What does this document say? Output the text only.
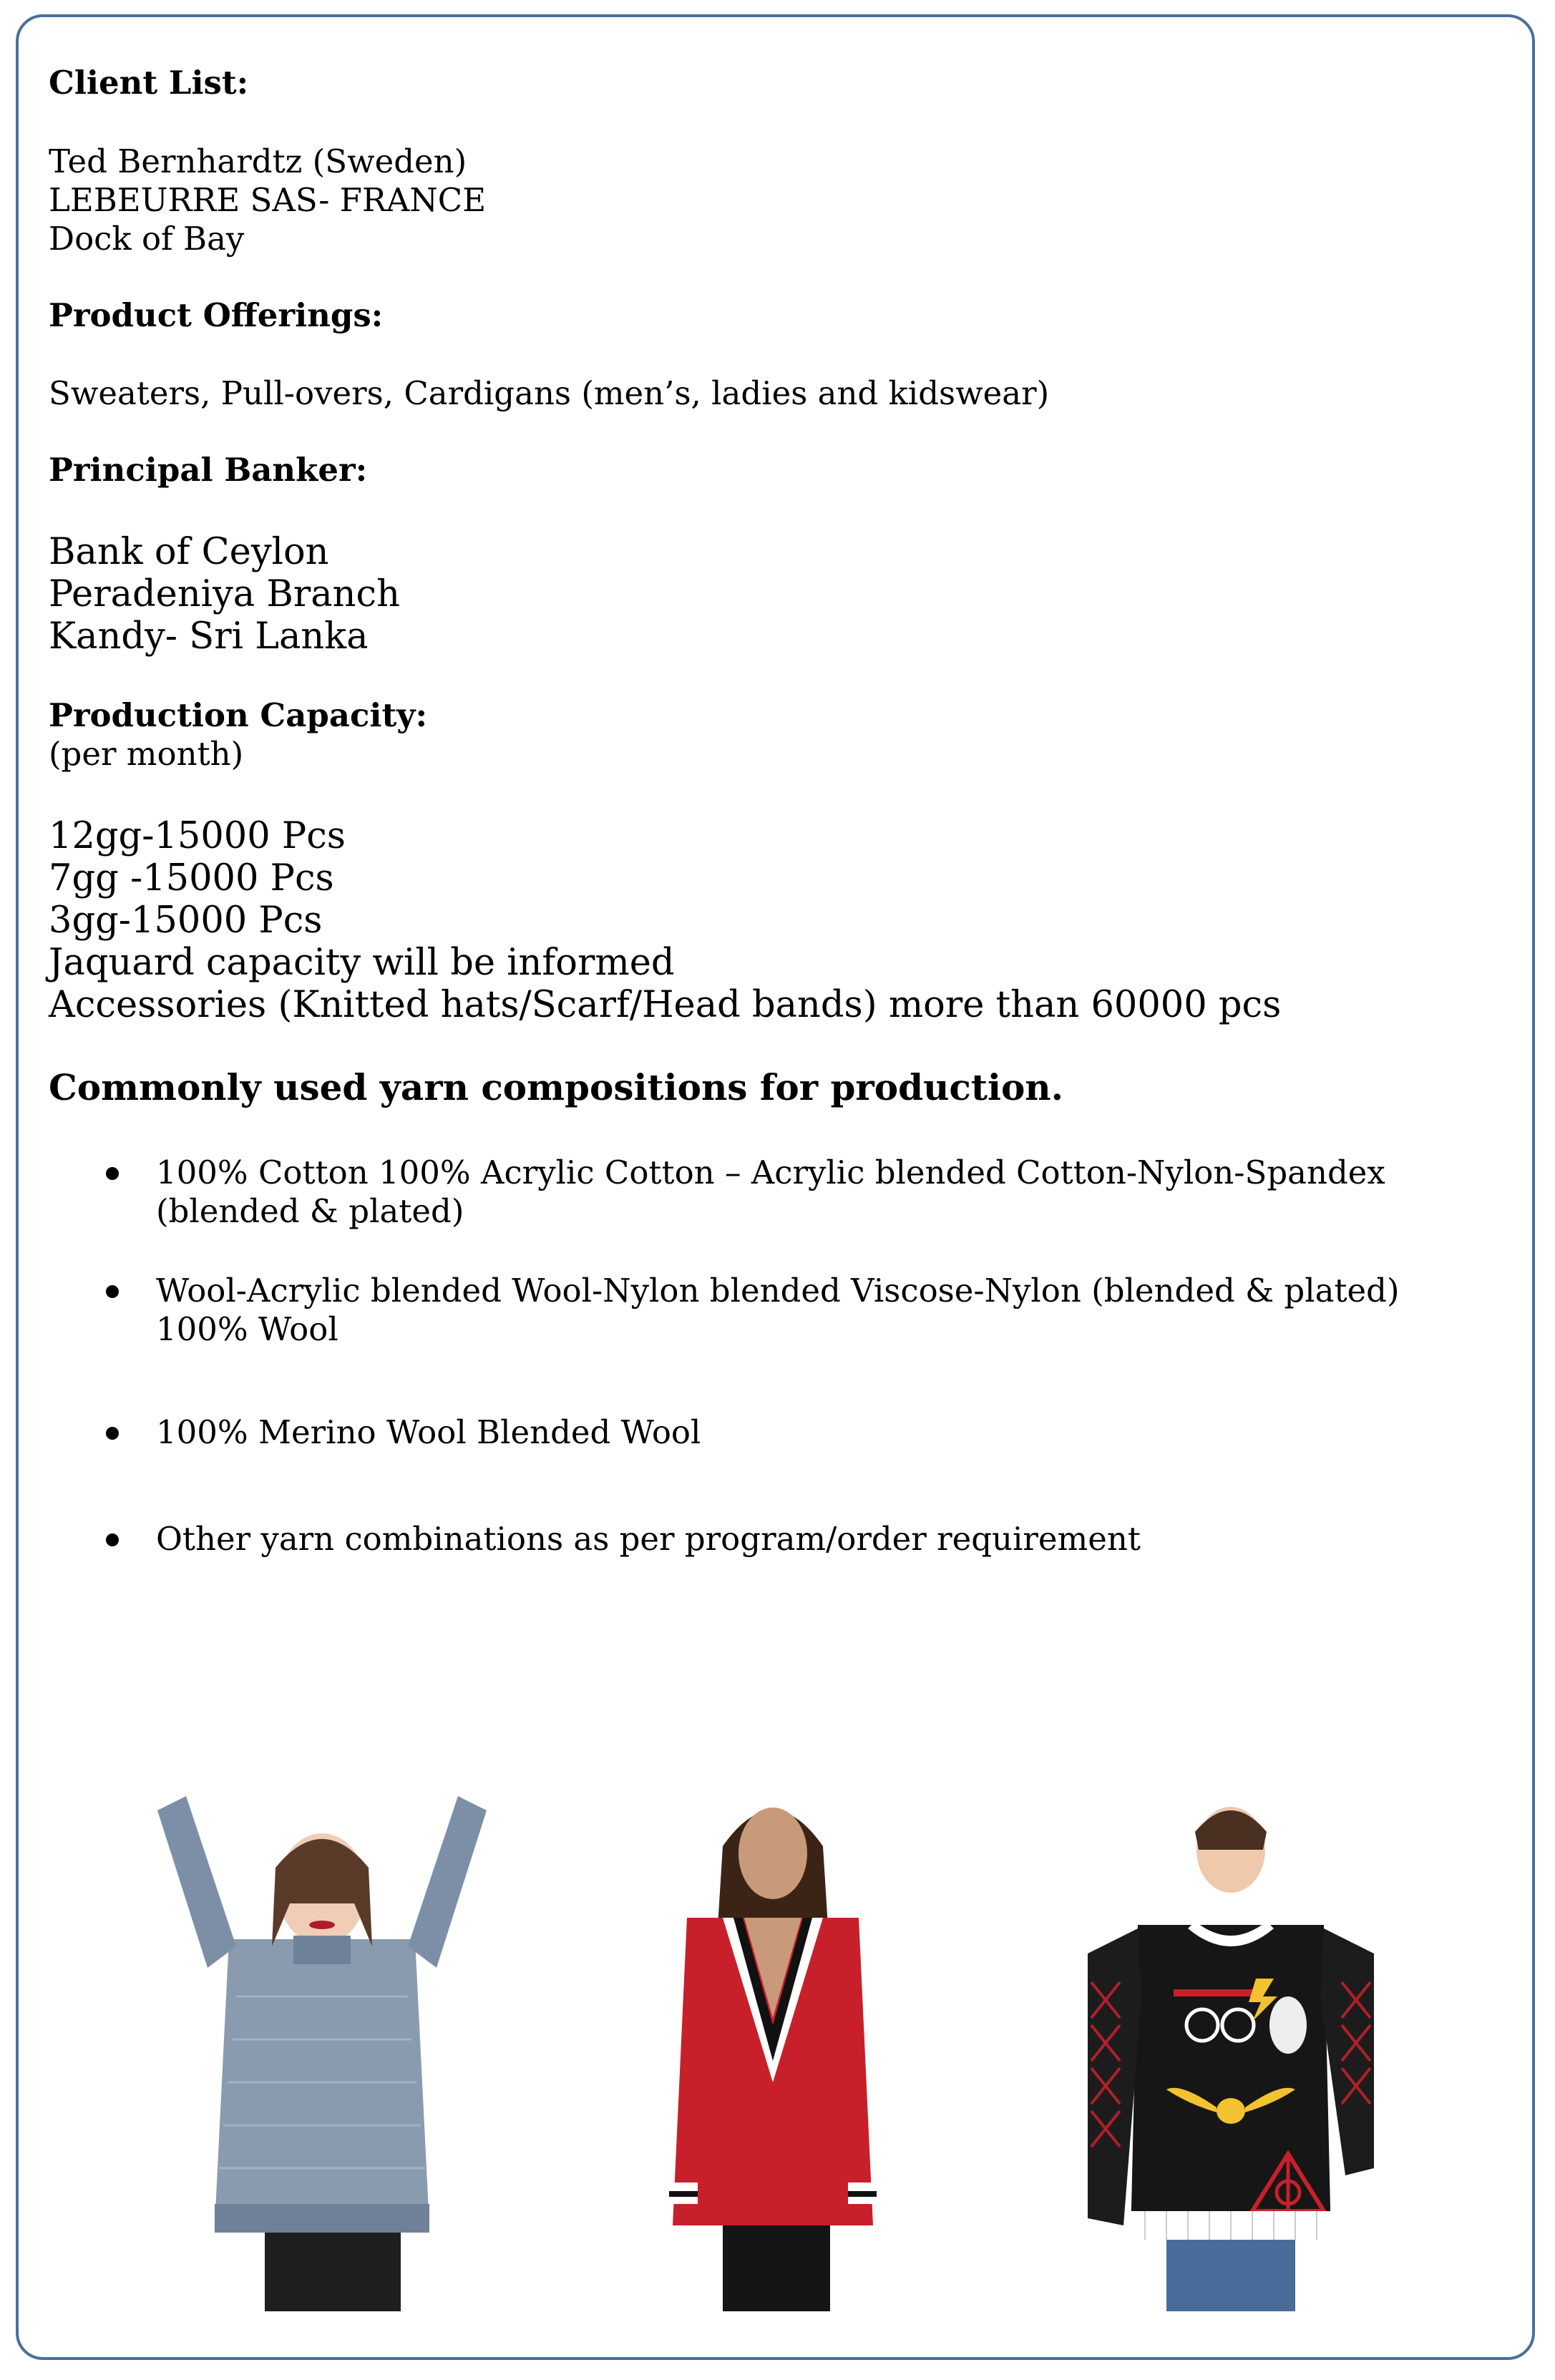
Client List:
Ted Bernhardtz (Sweden)
LEBEURRE SAS- FRANCE
Dock of Bay
Product Offerings:
Sweaters, Pull-overs, Cardigans (men’s, ladies and kidswear)
Principal Banker:
Bank of Ceylon
Peradeniya Branch
Kandy- Sri Lanka
Production Capacity:
(per month)
12gg-15000 Pcs
7gg -15000 Pcs
3gg-15000 Pcs
Jaquard capacity will be informed
Accessories (Knitted hats/Scarf/Head bands) more than 60000 pcs
Commonly used yarn compositions for production.
100% Cotton 100% Acrylic Cotton – Acrylic blended Cotton-Nylon-Spandex
(blended & plated)
Wool-Acrylic blended Wool-Nylon blended Viscose-Nylon (blended & plated)
100% Wool
100% Merino Wool Blended Wool
Other yarn combinations as per program/order requirement
